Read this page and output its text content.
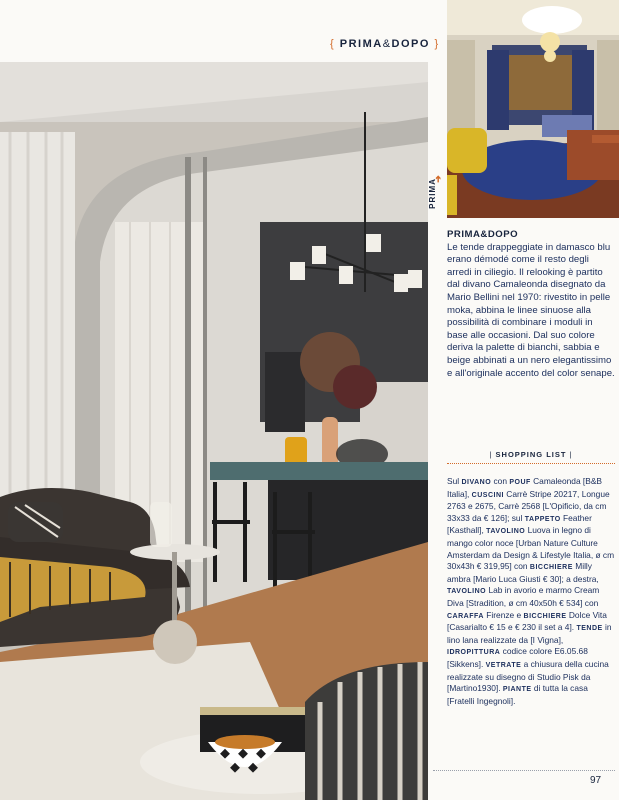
{ PRIMA&DOPO }
➔
PRIMA
PRIMA&DOPO
Le tende drappeggiate in damasco blu erano démodé come il resto degli arredi in ciliegio. Il relooking è partito dal divano Camaleonda disegnato da Mario Bellini nel 1970: rivestito in pelle moka, abbina le linee sinuose alla possibilità di combinare i moduli in base alle occasioni. Dal suo colore deriva la palette di bianchi, sabbia e beige abbinati a un nero elegantissimo e all'originale accento del color senape.
| SHOPPING LIST |
Sul DIVANO con POUF Camaleonda [B&B Italia], CUSCINI Carrè Stripe 20217, Longue 2763 e 2675, Carrè 2568 [L'Opificio, da cm 33x33 da € 126]; sul TAPPETO Feather [Kasthall], TAVOLINO Luova in legno di mango color noce [Urban Nature Culture Amsterdam da Design & Lifestyle Italia, ø cm 30x43h € 319,95] con BICCHIERE Milly ambra [Mario Luca Giusti € 30]; a destra, TAVOLINO Lab in avorio e marmo Cream Diva [Stradition, ø cm 40x50h € 534] con CARAFFA Firenze e BICCHIERE Dolce Vita [Casarialto € 15 e € 230 il set a 4]. TENDE in lino lana realizzate da [I Vigna], IDROPITTURA codice colore E6.05.68 [Sikkens]. VETRATE a chiusura della cucina realizzate su disegno di Studio Pisk da [Martino1930]. PIANTE di tutta la casa [Fratelli Ingegnoli].
97
